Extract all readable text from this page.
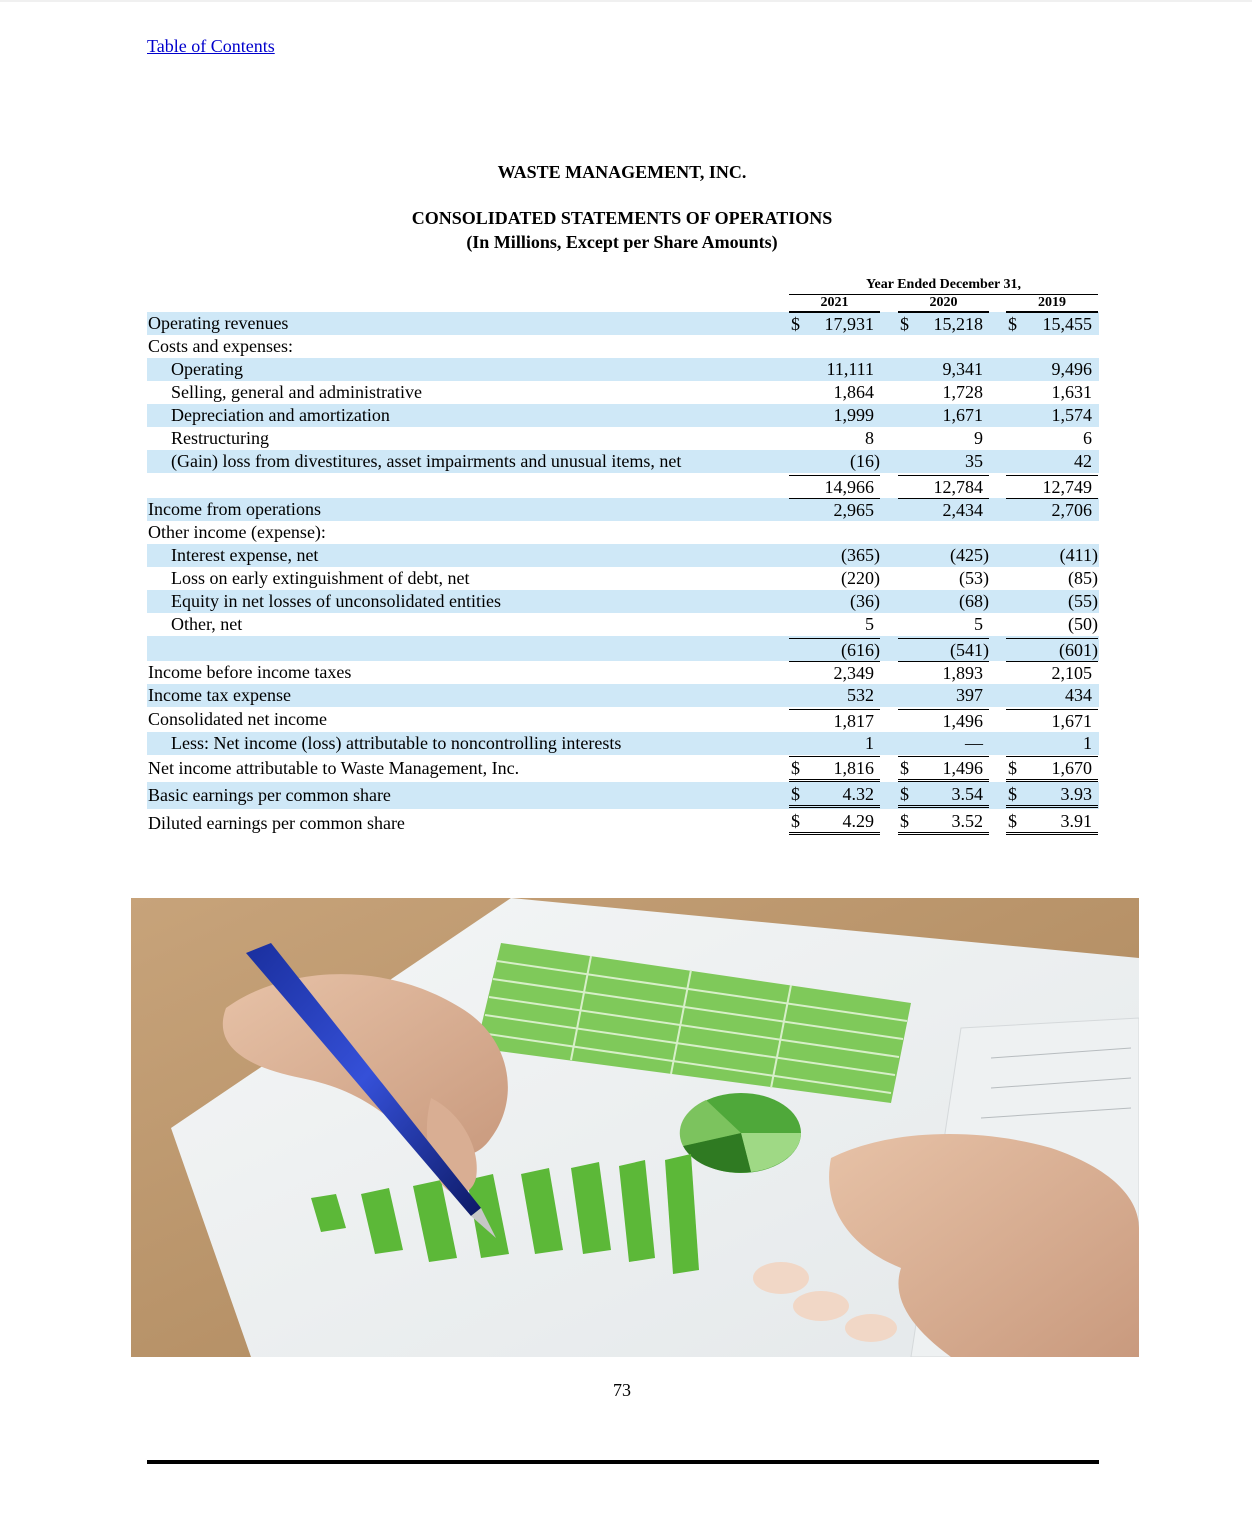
Table of Contents
WASTE MANAGEMENT, INC.
CONSOLIDATED STATEMENTS OF OPERATIONS
(In Millions, Except per Share Amounts)
Year Ended December 31,
2021	2020	2019
Operating revenues	$ 17,931 $ 15,218 $ 15,455
Costs and expenses:
Operating	11,111	9,341	9,496
Selling, general and administrative	1,864	1,728	1,631
Depreciation and amortization	1,999	1,671	1,574
Restructuring	8	9	6
(Gain) loss from divestitures, asset impairments and unusual items, net	(16)	35	42
14,966	12,784	12,749
Income from operations	2,965	2,434	2,706
Other income (expense):
Interest expense, net	(365)	(425)	(411)
Loss on early extinguishment of debt, net	(220)	(53)	(85)
Equity in net losses of unconsolidated entities	(36)	(68)	(55)
Other, net	5	5	(50)
(616)	(541)	(601)
Income before income taxes	2,349	1,893	2,105
Income tax expense	532	397	434
Consolidated net income	1,817	1,496	1,671
Less: Net income (loss) attributable to noncontrolling interests	1	—	1
Net income attributable to Waste Management, Inc.	$ 1,816 $ 1,496 $ 1,670
Basic earnings per common share	$ 4.32 $ 3.54 $ 3.93
Diluted earnings per common share	$ 4.29 $ 3.52 $ 3.91
73
